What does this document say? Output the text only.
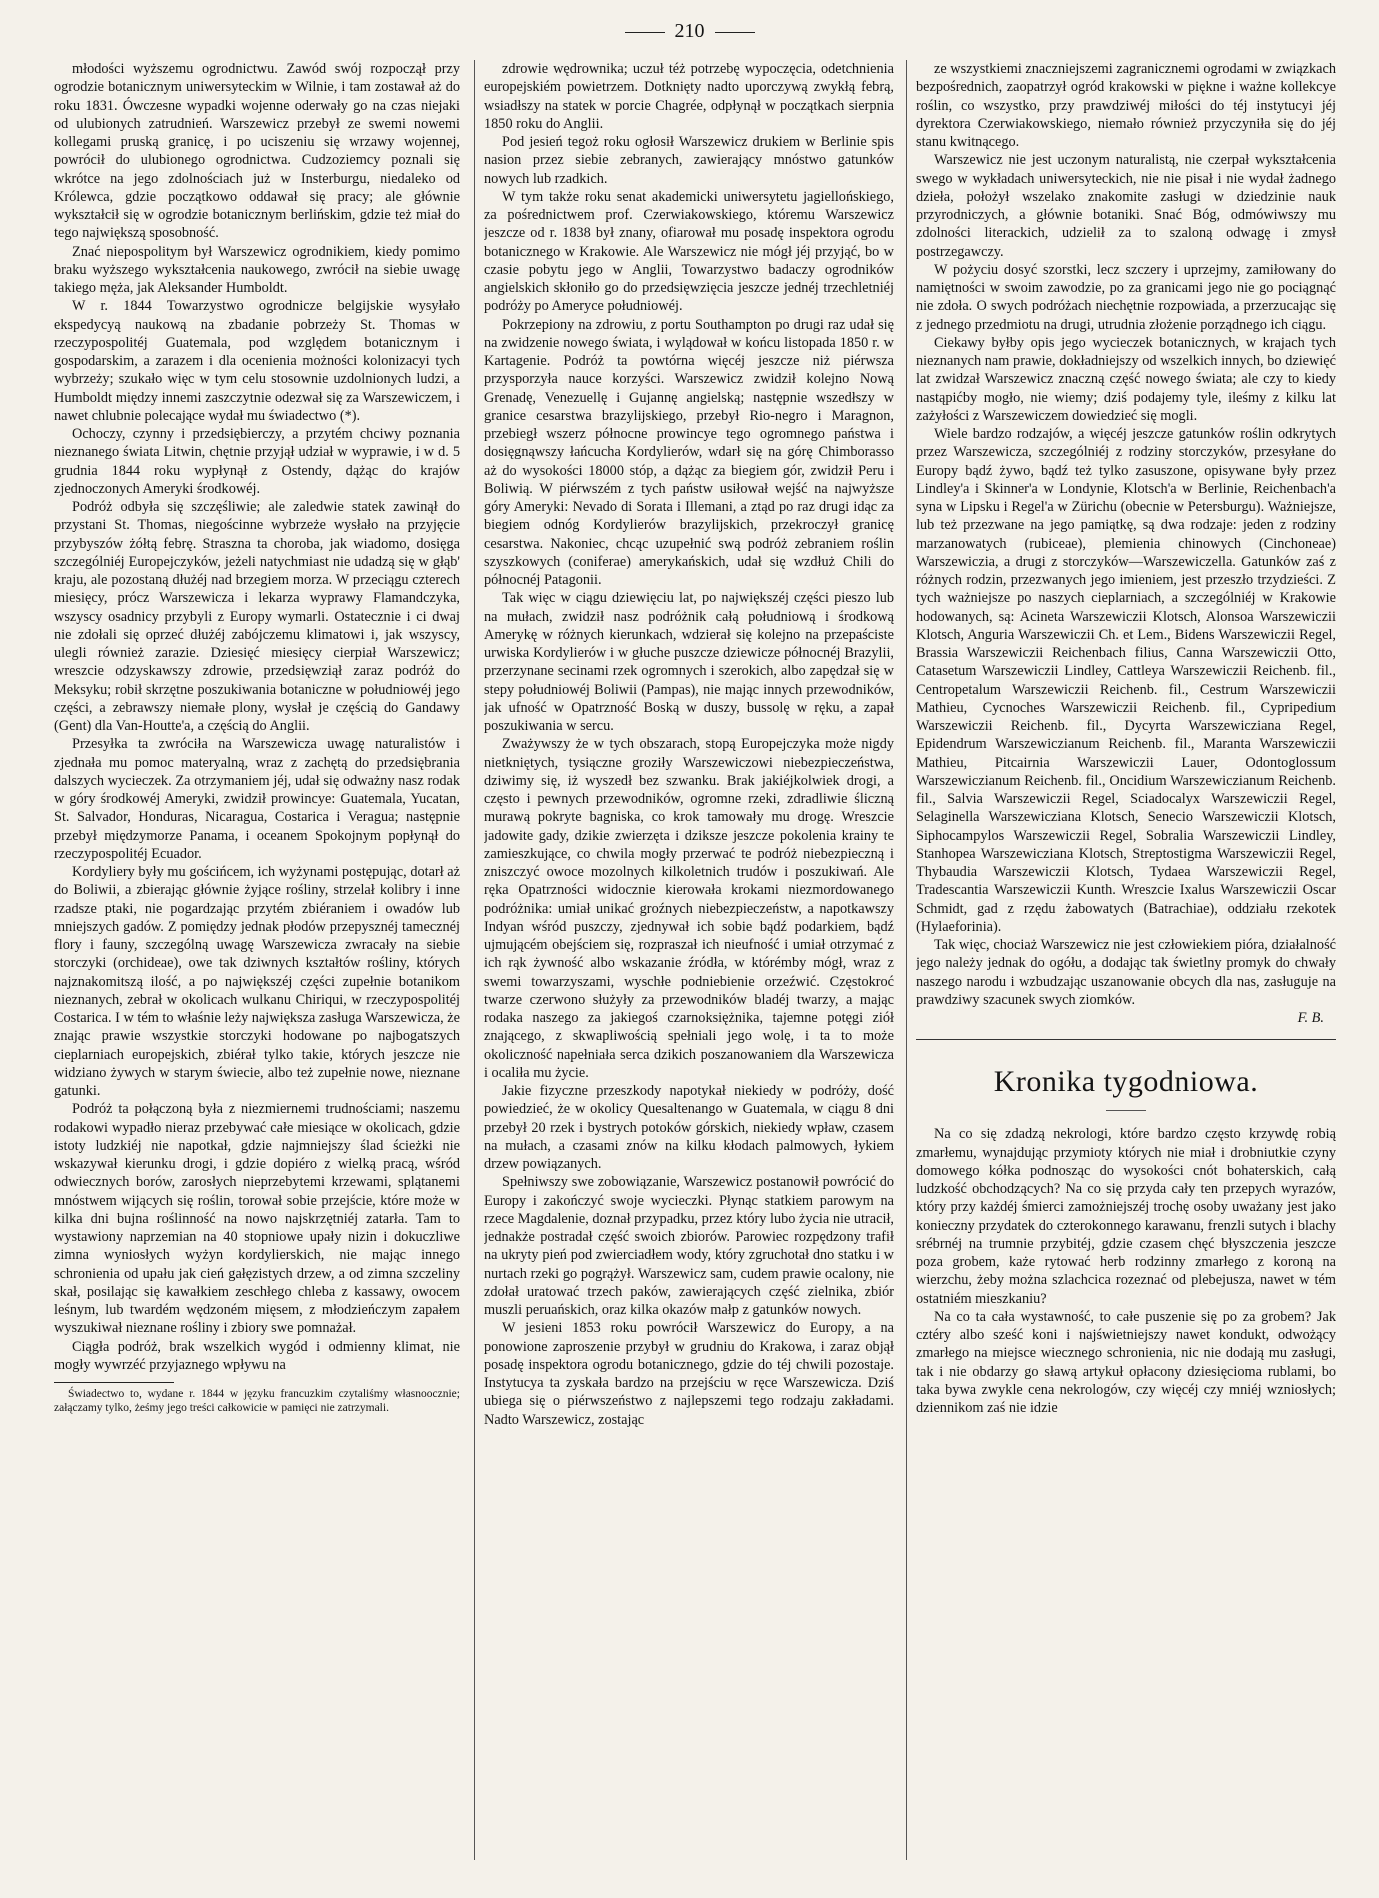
210

młodości wyższemu ogrodnictwu. Zawód swój rozpoczął przy ogrodzie botanicznym uniwersyteckim w Wilnie, i tam zostawał aż do roku 1831. Ówczesne wypadki wojenne oderwały go na czas niejaki od ulubionych zatrudnień. Warszewicz przebył ze swemi nowemi kollegami pruską granicę, i po uciszeniu się wrzawy wojennej, powrócił do ulubionego ogrodnictwa. Cudzoziemcy poznali się wkrótce na jego zdolnościach już w Insterburgu, niedaleko od Królewca, gdzie początkowo oddawał się pracy; ale głównie wykształcił się w ogrodzie botanicznym berlińskim, gdzie też miał do tego największą sposobność.

Znać niepospolitym był Warszewicz ogrodnikiem, kiedy pomimo braku wyższego wykształcenia naukowego, zwrócił na siebie uwagę takiego męża, jak Aleksander Humboldt.

W r. 1844 Towarzystwo ogrodnicze belgijskie wysyłało ekspedycyą naukową na zbadanie pobrzeży St. Thomas w rzeczypospolitéj Guatemala, pod względem botanicznym i gospodarskim, a zarazem i dla ocenienia możności kolonizacyi tych wybrzeży; szukało więc w tym celu stosownie uzdolnionych ludzi, a Humboldt między innemi zaszczytnie odezwał się za Warszewiczem, i nawet chlubnie polecające wydał mu świadectwo (*).

Ochoczy, czynny i przedsiębierczy, a przytém chciwy poznania nieznanego świata Litwin, chętnie przyjął udział w wyprawie, i w d. 5 grudnia 1844 roku wypłynął z Ostendy, dążąc do krajów zjednoczonych Ameryki środkowéj.

Podróż odbyła się szczęśliwie; ale zaledwie statek zawinął do przystani St. Thomas, niegościnne wybrzeże wysłało na przyjęcie przybyszów żółtą febrę. Straszna ta choroba, jak wiadomo, dosięga szczególniéj Europejczyków, jeżeli natychmiast nie udadzą się w głąb' kraju, ale pozostaną dłużéj nad brzegiem morza. W przeciągu czterech miesięcy, prócz Warszewicza i lekarza wyprawy Flamandczyka, wszyscy osadnicy przybyli z Europy wymarli. Ostatecznie i ci dwaj nie zdołali się oprzeć dłużéj zabójczemu klimatowi i, jak wszyscy, ulegli również zarazie. Dziesięć miesięcy cierpiał Warszewicz; wreszcie odzyskawszy zdrowie, przedsięwziął zaraz podróż do Meksyku; robił skrzętne poszukiwania botaniczne w południowéj jego części, a zebrawszy niemałe plony, wysłał je częścią do Gandawy (Gent) dla Van-Houtte'a, a częścią do Anglii.

Przesyłka ta zwróciła na Warszewicza uwagę naturalistów i zjednała mu pomoc materyalną, wraz z zachętą do przedsiębrania dalszych wycieczek. Za otrzymaniem jéj, udał się odważny nasz rodak w góry środkowéj Ameryki, zwidził prowincye: Guatemala, Yucatan, St. Salvador, Honduras, Nicaragua, Costarica i Veragua; następnie przebył międzymorze Panama, i oceanem Spokojnym popłynął do rzeczypospolitéj Ecuador.

Kordyliery były mu gościńcem, ich wyżynami postępując, dotarł aż do Boliwii, a zbierając głównie żyjące rośliny, strzelał kolibry i inne rzadsze ptaki, nie pogardzając przytém zbiéraniem i owadów lub mniejszych gadów. Z pomiędzy jednak płodów przepysznéj tamecznéj flory i fauny, szczególną uwagę Warszewicza zwracały na siebie storczyki (orchideae), owe tak dziwnych kształtów rośliny, których najznakomitszą ilość, a po największéj części zupełnie botanikom nieznanych, zebrał w okolicach wulkanu Chiriqui, w rzeczypospolitéj Costarica. I w tém to właśnie leży największa zasługa Warszewicza, że znając prawie wszystkie storczyki hodowane po najbogatszych cieplarniach europejskich, zbiérał tylko takie, których jeszcze nie widziano żywych w starym świecie, albo też zupełnie nowe, nieznane gatunki.

Podróż ta połączoną była z niezmiernemi trudnościami; naszemu rodakowi wypadło nieraz przebywać całe miesiące w okolicach, gdzie istoty ludzkiéj nie napotkał, gdzie najmniejszy ślad ścieżki nie wskazywał kierunku drogi, i gdzie dopiéro z wielką pracą, wśród odwiecznych borów, zarosłych nieprzebytemi krzewami, splątanemi mnóstwem wijących się roślin, torował sobie przejście, które może w kilka dni bujna roślinność na nowo najskrzętniéj zatarła. Tam to wystawiony naprzemian na 40 stopniowe upały nizin i dokuczliwe zimna wyniosłych wyżyn kordylierskich, nie mając innego schronienia od upału jak cień gałęzistych drzew, a od zimna szczeliny skał, posilając się kawałkiem zeschłego chleba z kassawy, owocem leśnym, lub twardém wędzoném mięsem, z młodzieńczym zapałem wyszukiwał nieznane rośliny i zbiory swe pomnażał.

Ciągła podróż, brak wszelkich wygód i odmienny klimat, nie mogły wywrzéć przyjaznego wpływu na

Świadectwo to, wydane r. 1844 w języku francuzkim czytaliśmy własnoocznie; załączamy tylko, żeśmy jego treści całkowicie w pamięci nie zatrzymali.

zdrowie wędrownika; uczuł téż potrzebę wypoczęcia, odetchnienia europejskiém powietrzem. Dotknięty nadto uporczywą zwykłą febrą, wsiadłszy na statek w porcie Chagrée, odpłynął w początkach sierpnia 1850 roku do Anglii.

Pod jesień tegoż roku ogłosił Warszewicz drukiem w Berlinie spis nasion przez siebie zebranych, zawierający mnóstwo gatunków nowych lub rzadkich.

W tym także roku senat akademicki uniwersytetu jagiellońskiego, za pośrednictwem prof. Czerwiakowskiego, któremu Warszewicz jeszcze od r. 1838 był znany, ofiarował mu posadę inspektora ogrodu botanicznego w Krakowie. Ale Warszewicz nie mógł jéj przyjąć, bo w czasie pobytu jego w Anglii, Towarzystwo badaczy ogrodników angielskich skłoniło go do przedsięwzięcia jeszcze jednéj trzechletniéj podróży po Ameryce południowéj.

Pokrzepiony na zdrowiu, z portu Southampton po drugi raz udał się na zwidzenie nowego świata, i wylądował w końcu listopada 1850 r. w Kartagenie. Podróż ta powtórna więcéj jeszcze niż piérwsza przysporzyła nauce korzyści. Warszewicz zwidził kolejno Nową Grenadę, Venezuellę i Gujannę angielską; następnie wszedłszy w granice cesarstwa brazylijskiego, przebył Rio-negro i Maragnon, przebiegł wszerz północne prowincye tego ogromnego państwa i dosięgnąwszy łańcucha Kordylierów, wdarł się na górę Chimborasso aż do wysokości 18000 stóp, a dążąc za biegiem gór, zwidził Peru i Boliwią. W piérwszém z tych państw usiłował wejść na najwyższe góry Ameryki: Nevado di Sorata i Illemani, a ztąd po raz drugi idąc za biegiem odnóg Kordylierów brazylijskich, przekroczył granicę cesarstwa. Nakoniec, chcąc uzupełnić swą podróż zebraniem roślin szyszkowych (coniferae) amerykańskich, udał się wzdłuż Chili do północnéj Patagonii.

Tak więc w ciągu dziewięciu lat, po największéj części pieszo lub na mułach, zwidził nasz podróżnik całą południową i środkową Amerykę w różnych kierunkach, wdzierał się kolejno na przepaściste urwiska Kordylierów i w głuche puszcze dziewicze północnéj Brazylii, przerzynane secinami rzek ogromnych i szerokich, albo zapędzał się w stepy południowéj Boliwii (Pampas), nie mając innych przewodników, jak ufność w Opatrzność Boską w duszy, bussolę w ręku, a zapał poszukiwania w sercu.

Zważywszy że w tych obszarach, stopą Europejczyka może nigdy nietkniętych, tysiączne groziły Warszewiczowi niebezpieczeństwa, dziwimy się, iż wyszedł bez szwanku. Brak jakiéjkolwiek drogi, a często i pewnych przewodników, ogromne rzeki, zdradliwie śliczną murawą pokryte bagniska, co krok tamowały mu drogę. Wreszcie jadowite gady, dzikie zwierzęta i dziksze jeszcze pokolenia krainy te zamieszkujące, co chwila mogły przerwać te podróż niebezpieczną i zniszczyć owoce mozolnych kilkoletnich trudów i poszukiwań. Ale ręka Opatrzności widocznie kierowała krokami niezmordowanego podróżnika: umiał unikać groźnych niebezpieczeństw, a napotkawszy Indyan wśród puszczy, zjednywał ich sobie bądź podarkiem, bądź ujmującém obejściem się, rozpraszał ich nieufność i umiał otrzymać z ich rąk żywność albo wskazanie źródła, w którémby mógł, wraz z swemi towarzyszami, wyschłe podniebienie orzeźwić. Częstokroć twarze czerwono służyły za przewodników bladéj twarzy, a mając rodaka naszego za jakiegoś czarnoksiężnika, tajemne potęgi ziół znającego, z skwapliwością spełniali jego wolę, i ta to może okoliczność napełniała serca dzikich poszanowaniem dla Warszewicza i ocaliła mu życie.

Jakie fizyczne przeszkody napotykał niekiedy w podróży, dość powiedzieć, że w okolicy Quesaltenango w Guatemala, w ciągu 8 dni przebył 20 rzek i bystrych potoków górskich, niekiedy wpław, czasem na mułach, a czasami znów na kilku kłodach palmowych, łykiem drzew powiązanych.

Spełniwszy swe zobowiązanie, Warszewicz postanowił powrócić do Europy i zakończyć swoje wycieczki. Płynąc statkiem parowym na rzece Magdalenie, doznał przypadku, przez który lubo życia nie utracił, jednakże postradał część swoich zbiorów. Parowiec rozpędzony trafił na ukryty pień pod zwierciadłem wody, który zgruchotał dno statku i w nurtach rzeki go pogrążył. Warszewicz sam, cudem prawie ocalony, nie zdołał uratować trzech paków, zawierających część zielnika, zbiór muszli peruańskich, oraz kilka okazów małp z gatunków nowych.

W jesieni 1853 roku powrócił Warszewicz do Europy, a na ponowione zaproszenie przybył w grudniu do Krakowa, i zaraz objął posadę inspektora ogrodu botanicznego, gdzie do téj chwili pozostaje. Instytucya ta zyskała bardzo na przejściu w ręce Warszewicza. Dziś ubiega się o piérwszeństwo z najlepszemi tego rodzaju zakładami. Nadto Warszewicz, zostając

ze wszystkiemi znaczniejszemi zagranicznemi ogrodami w związkach bezpośrednich, zaopatrzył ogród krakowski w piękne i ważne kollekcye roślin, co wszystko, przy prawdziwéj miłości do téj instytucyi jéj dyrektora Czerwiakowskiego, niemało również przyczyniła się do jéj stanu kwitnącego.

Warszewicz nie jest uczonym naturalistą, nie czerpał wykształcenia swego w wykładach uniwersyteckich, nie nie pisał i nie wydał żadnego dzieła, położył wszelako znakomite zasługi w dziedzinie nauk przyrodniczych, a głównie botaniki. Snać Bóg, odmówiwszy mu zdolności literackich, udzielił za to szaloną odwagę i zmysł postrzegawczy.

W pożyciu dosyć szorstki, lecz szczery i uprzejmy, zamiłowany do namiętności w swoim zawodzie, po za granicami jego nie go pociągnąć nie zdoła. O swych podróżach niechętnie rozpowiada, a przerzucając się z jednego przedmiotu na drugi, utrudnia złożenie porządnego ich ciągu.

Ciekawy byłby opis jego wycieczek botanicznych, w krajach tych nieznanych nam prawie, dokładniejszy od wszelkich innych, bo dziewięć lat zwidzał Warszewicz znaczną część nowego świata; ale czy to kiedy nastąpićby mogło, nie wiemy; dziś podajemy tyle, ileśmy z kilku lat zażyłości z Warszewiczem dowiedzieć się mogli.

Wiele bardzo rodzajów, a więcéj jeszcze gatunków roślin odkrytych przez Warszewicza, szczególniéj z rodziny storczyków, przesyłane do Europy bądź żywo, bądź też tylko zasuszone, opisywane były przez Lindley'a i Skinner'a w Londynie, Klotsch'a w Berlinie, Reichenbach'a syna w Lipsku i Regel'a w Zürichu (obecnie w Petersburgu). Ważniejsze, lub też przezwane na jego pamiątkę, są dwa rodzaje: jeden z rodziny marzanowatych (rubiceae), plemienia chinowych (Cinchoneae) Warszewiczia, a drugi z storczyków—Warszewiczella. Gatunków zaś z różnych rodzin, przezwanych jego imieniem, jest przeszło trzydzieści. Z tych ważniejsze po naszych cieplarniach, a szczególniéj w Krakowie hodowanych, są: Acineta Warszewiczii Klotsch, Alonsoa Warszewiczii Klotsch, Anguria Warszewiczii Ch. et Lem., Bidens Warszewiczii Regel, Brassia Warszewiczii Reichenbach filius, Canna Warszewiczii Otto, Catasetum Warszewiczii Lindley, Cattleya Warszewiczii Reichenb. fil., Centropetalum Warszewiczii Reichenb. fil., Cestrum Warszewiczii Mathieu, Cycnoches Warszewiczii Reichenb. fil., Cypripedium Warszewiczii Reichenb. fil., Dycyrta Warszewicziana Regel, Epidendrum Warszewiczianum Reichenb. fil., Maranta Warszewiczii Mathieu, Pitcairnia Warszewiczii Lauer, Odontoglossum Warszewiczianum Reichenb. fil., Oncidium Warszewiczianum Reichenb. fil., Salvia Warszewiczii Regel, Sciadocalyx Warszewiczii Regel, Selaginella Warszewicziana Klotsch, Senecio Warszewiczii Klotsch, Siphocampylos Warszewiczii Regel, Sobralia Warszewiczii Lindley, Stanhopea Warszewicziana Klotsch, Streptostigma Warszewiczii Regel, Thybaudia Warszewiczii Klotsch, Tydaea Warszewiczii Regel, Tradescantia Warszewiczii Kunth. Wreszcie Ixalus Warszewiczii Oscar Schmidt, gad z rzędu żabowatych (Batrachiae), oddziału rzekotek (Hylaeforinia).

Tak więc, chociaż Warszewicz nie jest człowiekiem pióra, działalność jego należy jednak do ogółu, a dodając tak świetlny promyk do chwały naszego narodu i wzbudzając uszanowanie obcych dla nas, zasługuje na prawdziwy szacunek swych ziomków.

F. B.

Kronika tygodniowa.

Na co się zdadzą nekrologi, które bardzo często krzywdę robią zmarłemu, wynajdując przymioty których nie miał i drobniutkie czyny domowego kółka podnosząc do wysokości cnót bohaterskich, całą ludzkość obchodzących? Na co się przyda cały ten przepych wyrazów, który przy każdéj śmierci zamożniejszéj trochę osoby uważany jest jako konieczny przydatek do czterokonnego karawanu, frenzli sutych i blachy srébrnéj na trumnie przybitéj, gdzie czasem chęć błyszczenia jeszcze poza grobem, każe rytować herb rodzinny zmarłego z koroną na wierzchu, żeby można szlachcica rozeznać od plebejusza, nawet w tém ostatniém mieszkaniu?

Na co ta cała wystawność, to całe puszenie się po za grobem? Jak cztéry albo sześć koni i najświetniejszy nawet kondukt, odwożący zmarłego na miejsce wiecznego schronienia, nic nie dodają mu zasługi, tak i nie obdarzy go sławą artykuł opłacony dziesięcioma rublami, bo taka bywa zwykle cena nekrologów, czy więcéj czy mniéj wzniosłych; dziennikom zaś nie idzie
